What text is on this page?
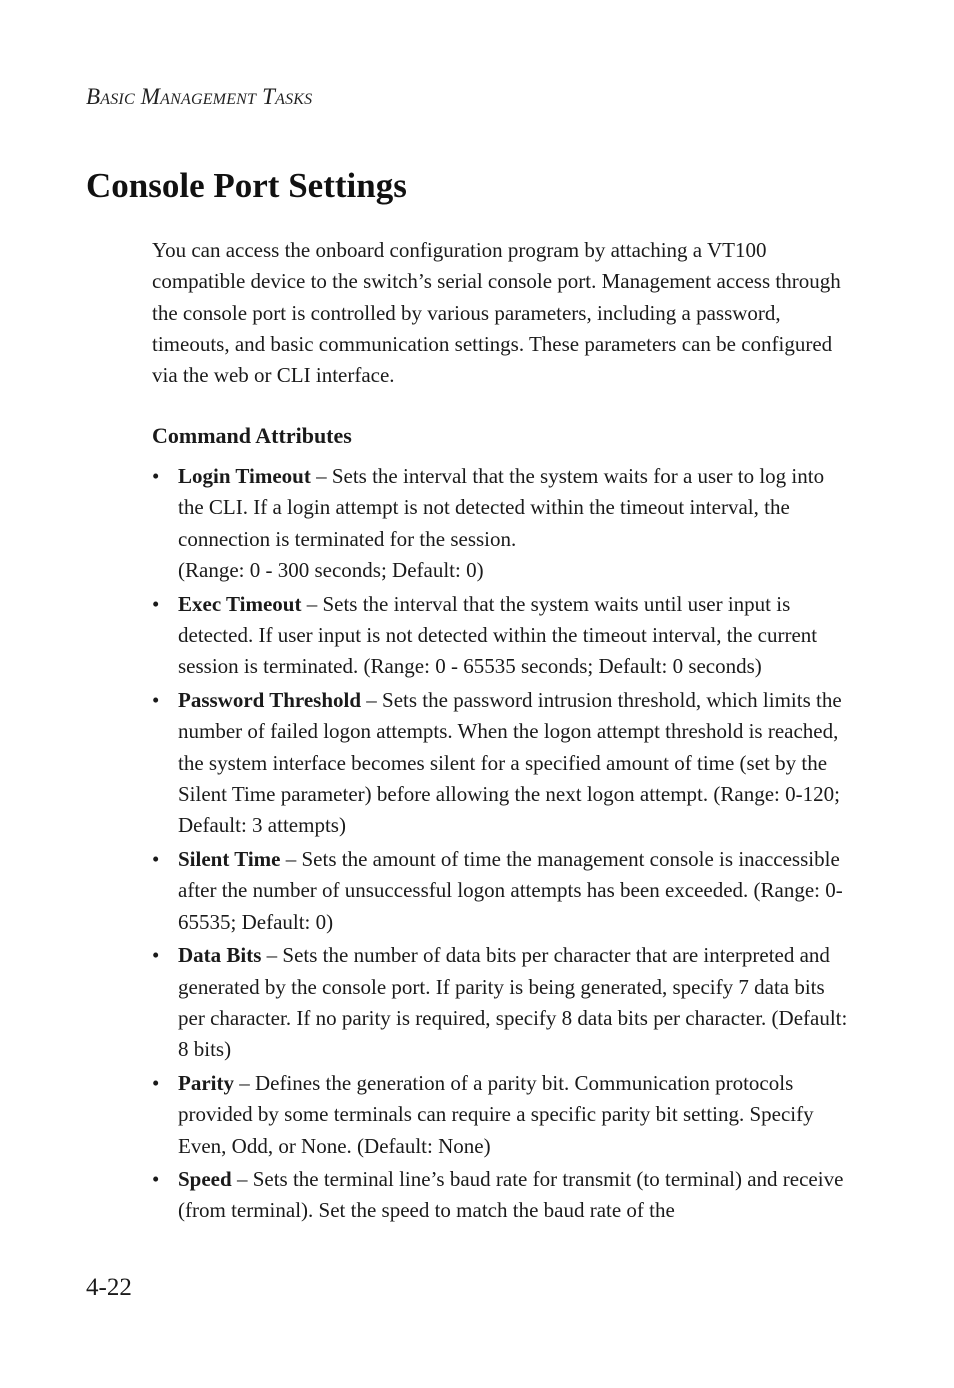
Basic Management Tasks
Console Port Settings

You can access the onboard configuration program by attaching a VT100 compatible device to the switch’s serial console port. Management access through the console port is controlled by various parameters, including a password, timeouts, and basic communication settings. These parameters can be configured via the web or CLI interface.

Command Attributes
• Login Timeout – Sets the interval that the system waits for a user to log into the CLI. If a login attempt is not detected within the timeout interval, the connection is terminated for the session.
(Range: 0 - 300 seconds; Default: 0)
• Exec Timeout – Sets the interval that the system waits until user input is detected. If user input is not detected within the timeout interval, the current session is terminated. (Range: 0 - 65535 seconds; Default: 0 seconds)
• Password Threshold – Sets the password intrusion threshold, which limits the number of failed logon attempts. When the logon attempt threshold is reached, the system interface becomes silent for a specified amount of time (set by the Silent Time parameter) before allowing the next logon attempt. (Range: 0-120; Default: 3 attempts)
• Silent Time – Sets the amount of time the management console is inaccessible after the number of unsuccessful logon attempts has been exceeded. (Range: 0-65535; Default: 0)
• Data Bits – Sets the number of data bits per character that are interpreted and generated by the console port. If parity is being generated, specify 7 data bits per character. If no parity is required, specify 8 data bits per character. (Default: 8 bits)
• Parity – Defines the generation of a parity bit. Communication protocols provided by some terminals can require a specific parity bit setting. Specify Even, Odd, or None. (Default: None)
• Speed – Sets the terminal line’s baud rate for transmit (to terminal) and receive (from terminal). Set the speed to match the baud rate of the
4-22
